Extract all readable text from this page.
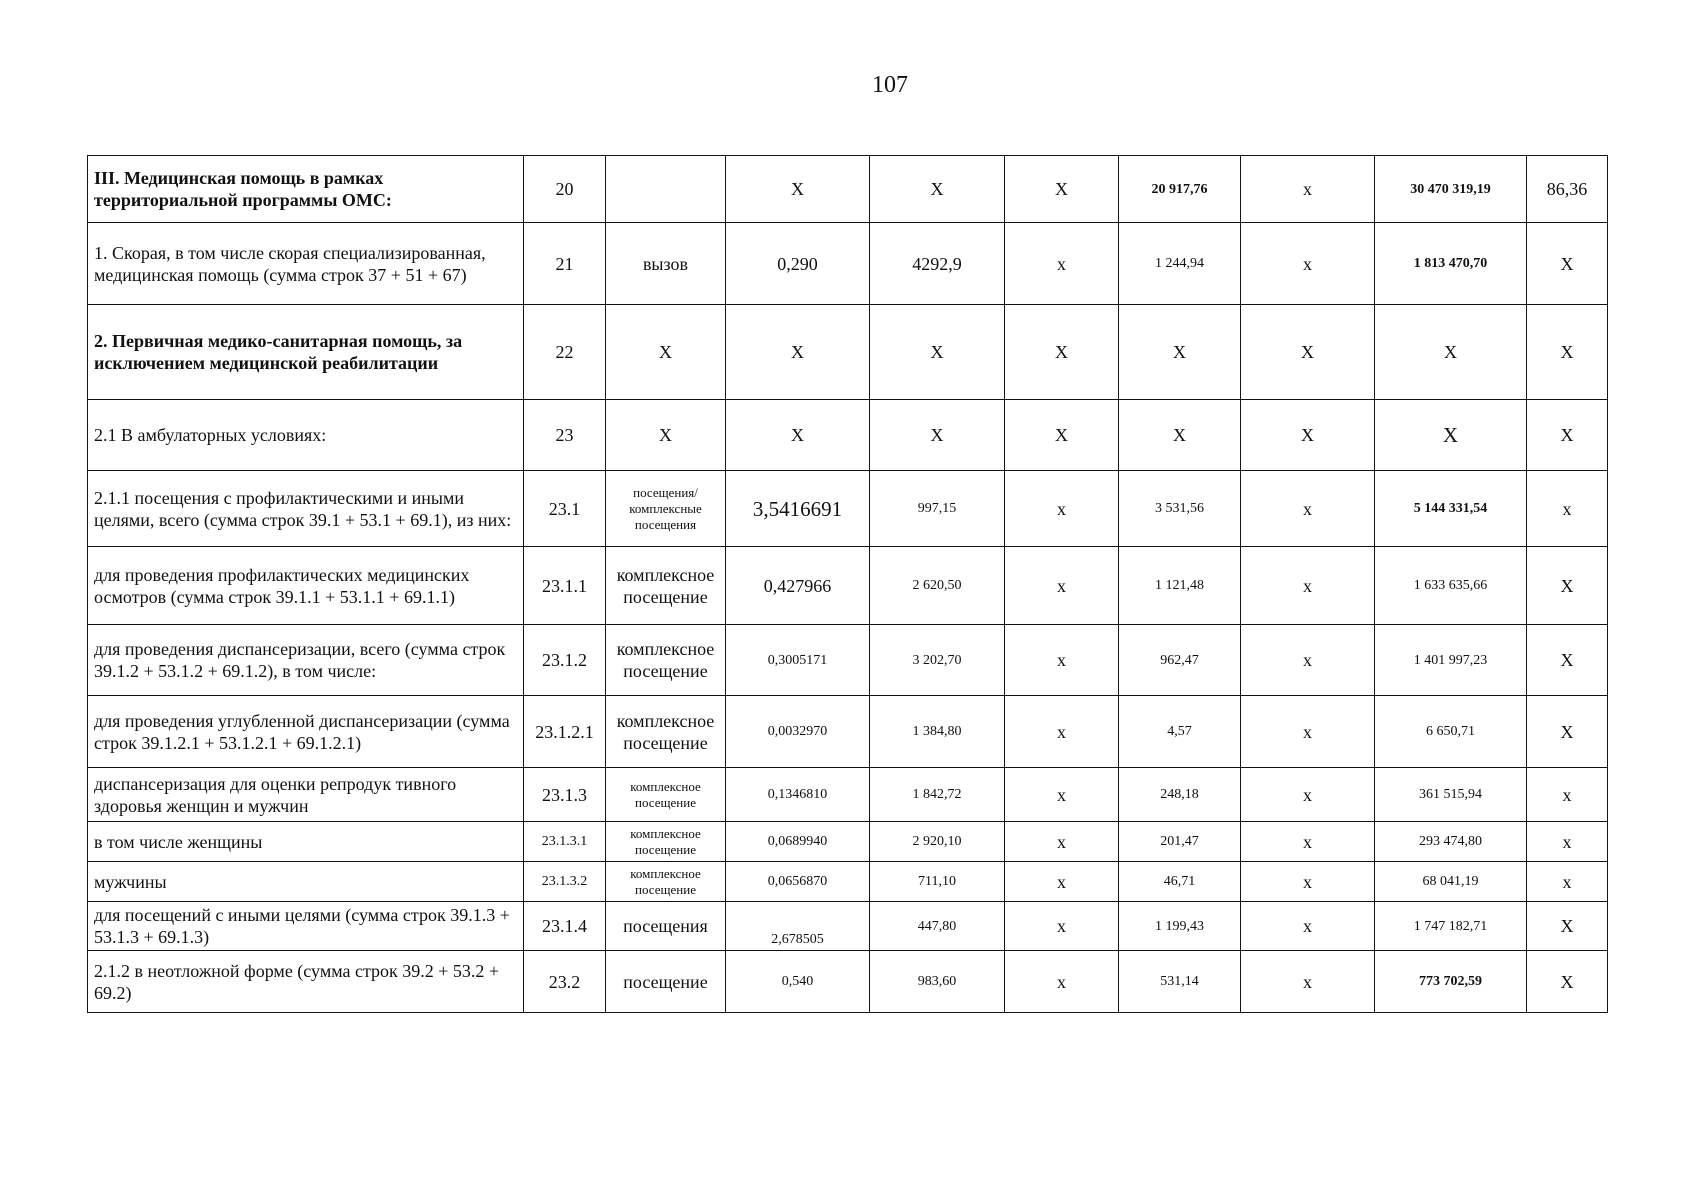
107
III. Медицинская помощь в рамках территориальной программы ОМС:	20		X	X	X	20 917,76	x	30 470 319,19	86,36
1. Скорая, в том числе скорая специализированная, медицинская помощь (сумма строк 37 + 51 + 67)	21	вызов	0,290	4292,9	x	1 244,94	x	1 813 470,70	X
2. Первичная медико-санитарная помощь, за исключением медицинской реабилитации	22	X	X	X	X	X	X	X	X
2.1 В амбулаторных условиях:	23	X	X	X	X	X	X	X	X
2.1.1 посещения с профилактическими и иными целями, всего (сумма строк 39.1 + 53.1 + 69.1), из них:	23.1	посещения/комплексные посещения	3,5416691	997,15	x	3 531,56	x	5 144 331,54	x
для проведения профилактических медицинских осмотров (сумма строк 39.1.1 + 53.1.1 + 69.1.1)	23.1.1	комплексное посещение	0,427966	2 620,50	x	1 121,48	x	1 633 635,66	X
для проведения диспансеризации, всего (сумма строк 39.1.2 + 53.1.2 + 69.1.2), в том числе:	23.1.2	комплексное посещение	0,3005171	3 202,70	x	962,47	x	1 401 997,23	X
для проведения углубленной диспансеризации (сумма строк 39.1.2.1 + 53.1.2.1 + 69.1.2.1)	23.1.2.1	комплексное посещение	0,0032970	1 384,80	x	4,57	x	6 650,71	X
диспансеризация для оценки репродук тивного здоровья женщин и мужчин	23.1.3	комплексное посещение	0,1346810	1 842,72	x	248,18	x	361 515,94	x
в том числе женщины	23.1.3.1	комплексное посещение	0,0689940	2 920,10	x	201,47	x	293 474,80	x
мужчины	23.1.3.2	комплексное посещение	0,0656870	711,10	x	46,71	x	68 041,19	x
для посещений с иными целями (сумма строк 39.1.3 + 53.1.3 + 69.1.3)	23.1.4	посещения	2,678505	447,80	x	1 199,43	x	1 747 182,71	X
2.1.2 в неотложной форме (сумма строк 39.2 + 53.2 + 69.2)	23.2	посещение	0,540	983,60	x	531,14	x	773 702,59	X
